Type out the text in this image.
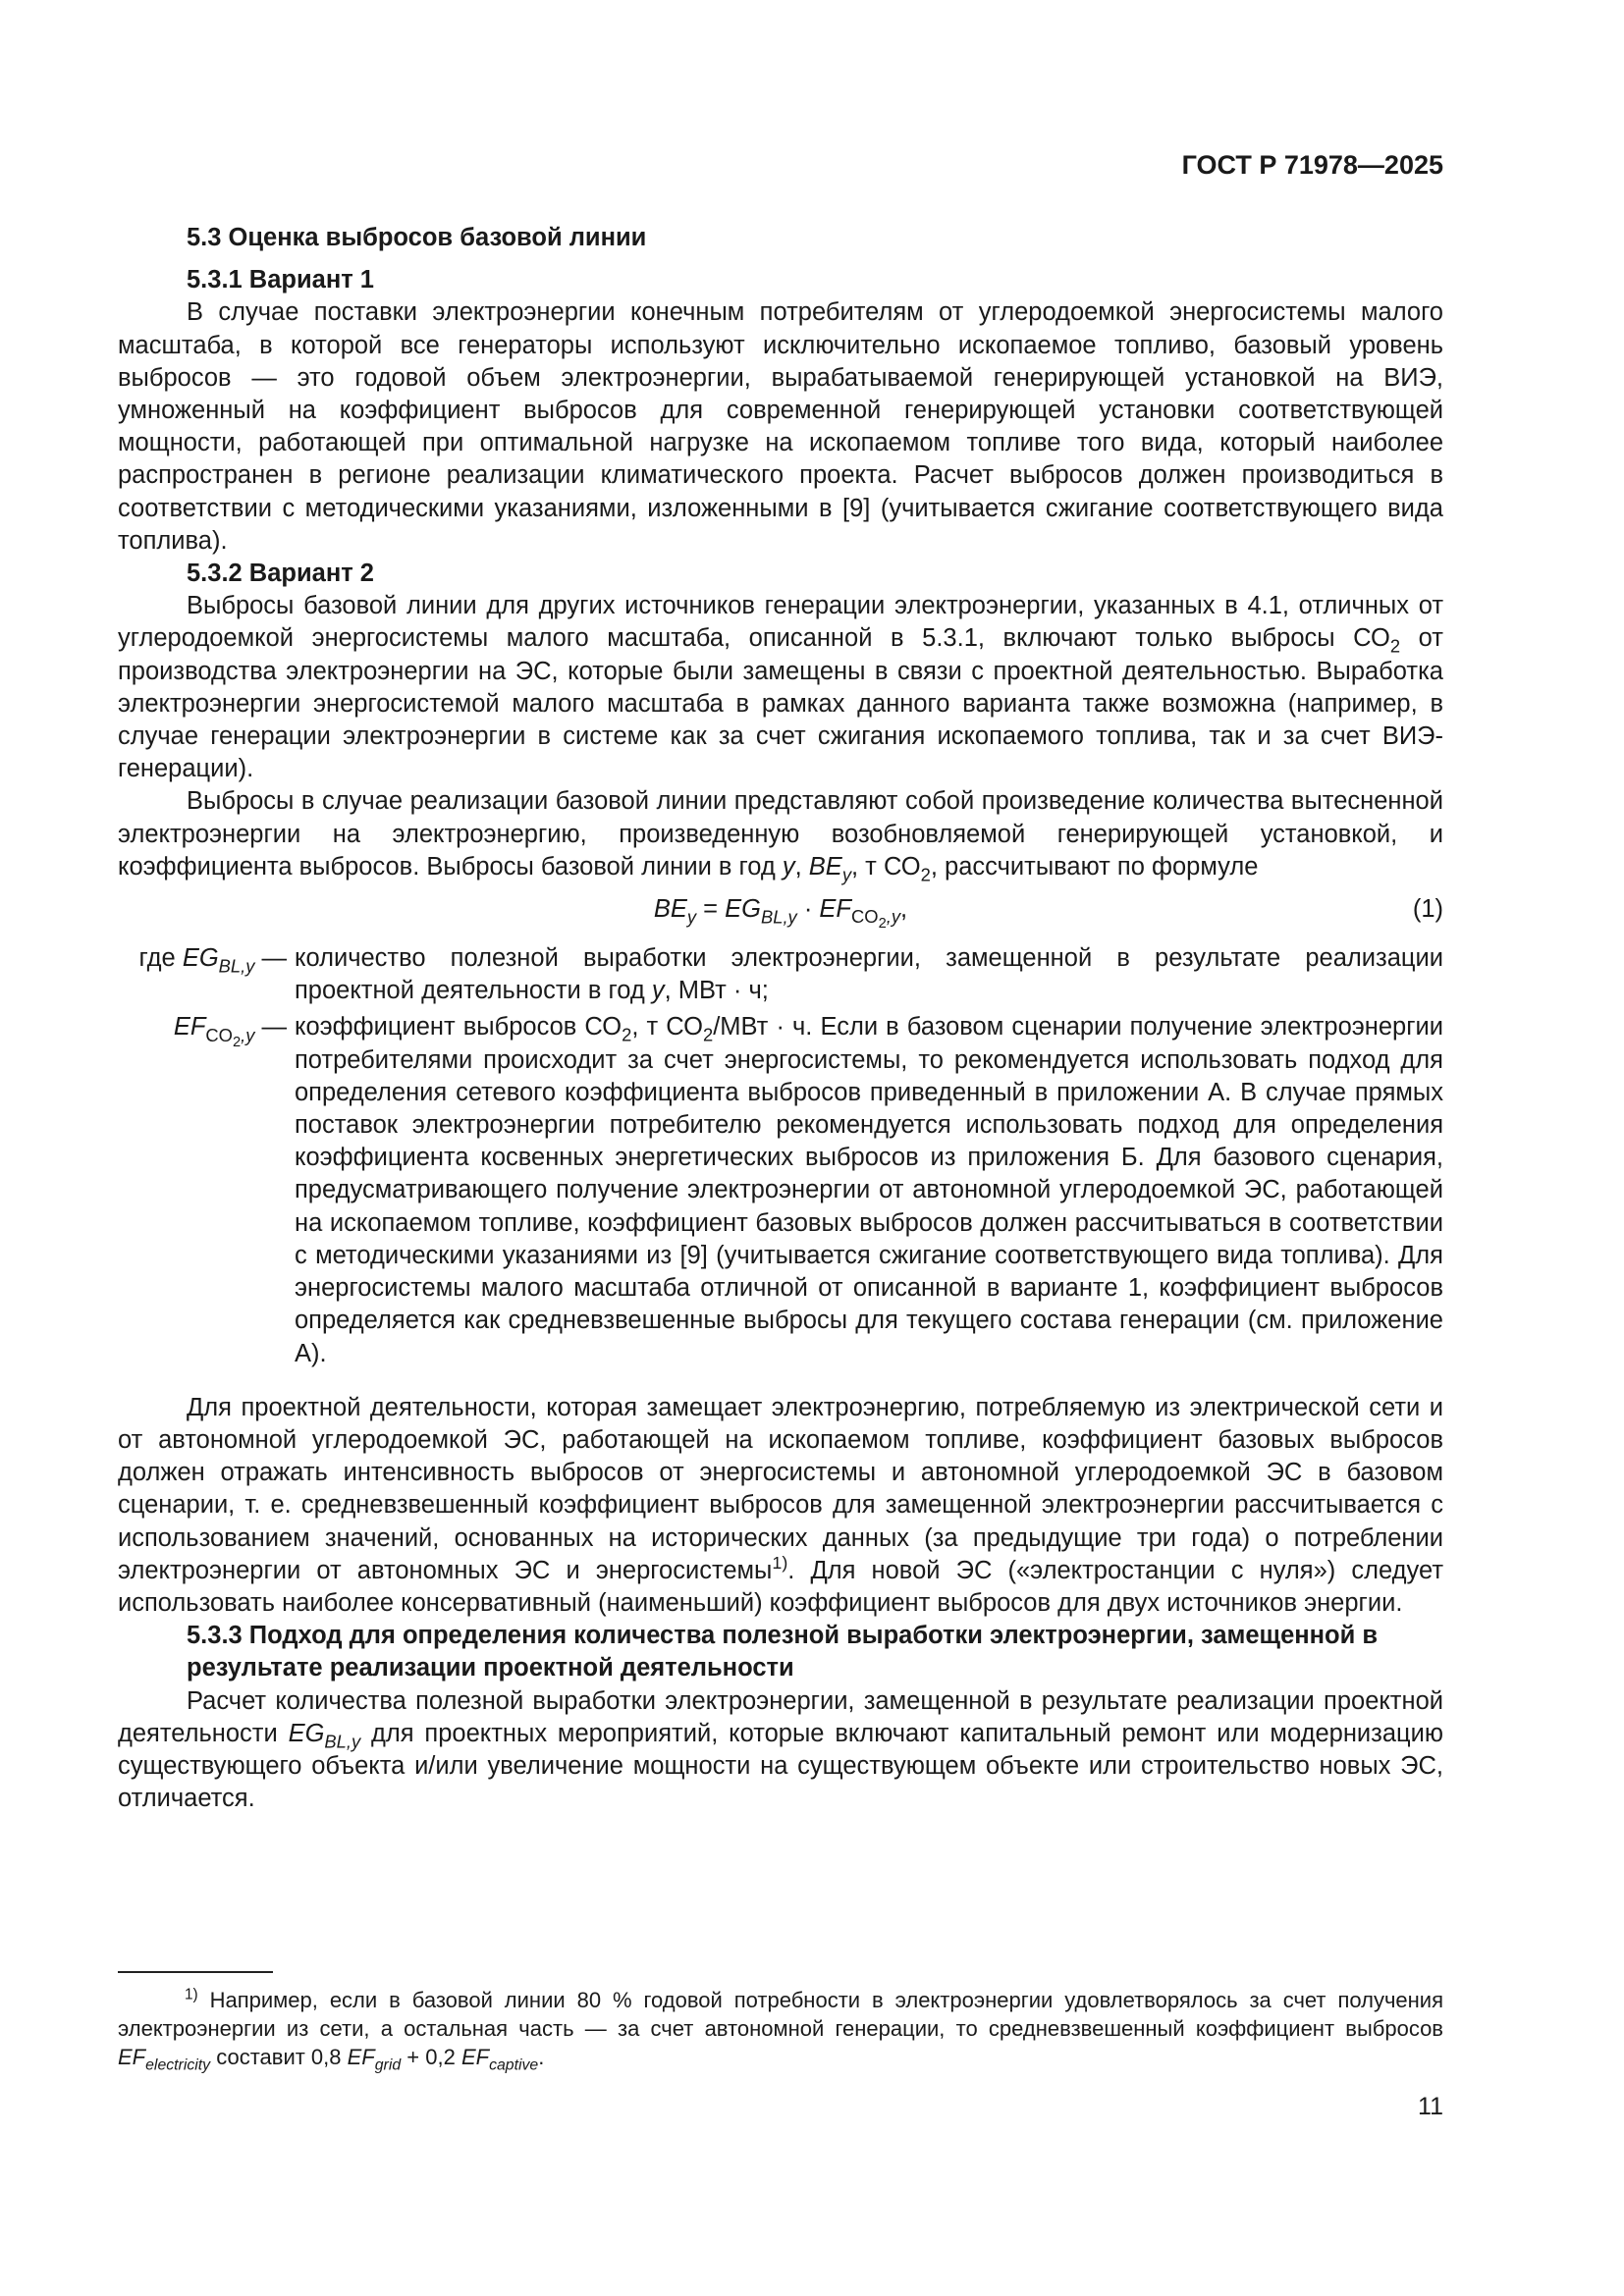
ГОСТ Р 71978—2025
5.3 Оценка выбросов базовой линии
5.3.1 Вариант 1

В случае поставки электроэнергии конечным потребителям от углеродоемкой энергосистемы малого масштаба, в которой все генераторы используют исключительно ископаемое топливо, базовый уровень выбросов — это годовой объем электроэнергии, вырабатываемой генерирующей установкой на ВИЭ, умноженный на коэффициент выбросов для современной генерирующей установки соответствующей мощности, работающей при оптимальной нагрузке на ископаемом топливе того вида, который наиболее распространен в регионе реализации климатического проекта. Расчет выбросов должен производиться в соответствии с методическими указаниями, изложенными в [9] (учитывается сжигание соответствующего вида топлива).

5.3.2 Вариант 2

Выбросы базовой линии для других источников генерации электроэнергии, указанных в 4.1, отличных от углеродоемкой энергосистемы малого масштаба, описанной в 5.3.1, включают только выбросы $СО_2$ от производства электроэнергии на ЭС, которые были замещены в связи с проектной деятельностью. Выработка электроэнергии энергосистемой малого масштаба в рамках данного варианта также возможна (например, в случае генерации электроэнергии в системе как за счет сжигания ископаемого топлива, так и за счет ВИЭ-генерации).

Выбросы в случае реализации базовой линии представляют собой произведение количества вытесненной электроэнергии на электроэнергию, произведенную возобновляемой генерирующей установкой, и коэффициента выбросов. Выбросы базовой линии в год y, $BE_y$, т $СО_2$, рассчитывают по формуле

$BE_y = EG_{BL,y} \cdot EF_{CO_2,y}$,	(1)
где $EG_{BL,y}$ — количество полезной выработки электроэнергии, замещенной в результате реализации проектной деятельности в год y, МВт · ч;
$EF_{CO_2,y}$ — коэффициент выбросов $СО_2$, т $СО_2$/МВт · ч. Если в базовом сценарии получение электроэнергии потребителями происходит за счет энергосистемы, то рекомендуется использовать подход для определения сетевого коэффициента выбросов приведенный в приложении А. В случае прямых поставок электроэнергии потребителю рекомендуется использовать подход для определения коэффициента косвенных энергетических выбросов из приложения Б. Для базового сценария, предусматривающего получение электроэнергии от автономной углеродоемкой ЭС, работающей на ископаемом топливе, коэффициент базовых выбросов должен рассчитываться в соответствии с методическими указаниями из [9] (учитывается сжигание соответствующего вида топлива). Для энергосистемы малого масштаба отличной от описанной в варианте 1, коэффициент выбросов определяется как средневзвешенные выбросы для текущего состава генерации (см. приложение А).

Для проектной деятельности, которая замещает электроэнергию, потребляемую из электрической сети и от автономной углеродоемкой ЭС, работающей на ископаемом топливе, коэффициент базовых выбросов должен отражать интенсивность выбросов от энергосистемы и автономной углеродоемкой ЭС в базовом сценарии, т. е. средневзвешенный коэффициент выбросов для замещенной электроэнергии рассчитывается с использованием значений, основанных на исторических данных (за предыдущие три года) о потреблении электроэнергии от автономных ЭС и энергосистемы$^{1)}$. Для новой ЭС («электростанции с нуля») следует использовать наиболее консервативный (наименьший) коэффициент выбросов для двух источников энергии.

5.3.3 Подход для определения количества полезной выработки электроэнергии, замещенной в результате реализации проектной деятельности

Расчет количества полезной выработки электроэнергии, замещенной в результате реализации проектной деятельности $EG_{BL,y}$ для проектных мероприятий, которые включают капитальный ремонт или модернизацию существующего объекта и/или увеличение мощности на существующем объекте или строительство новых ЭС, отличается.

$^{1)}$ Например, если в базовой линии 80 % годовой потребности в электроэнергии удовлетворялось за счет получения электроэнергии из сети, а остальная часть — за счет автономной генерации, то средневзвешенный коэффициент выбросов $EF_{electricity}$ составит 0,8 $EF_{grid} + 0,2$ $EF_{captive}$.
11
